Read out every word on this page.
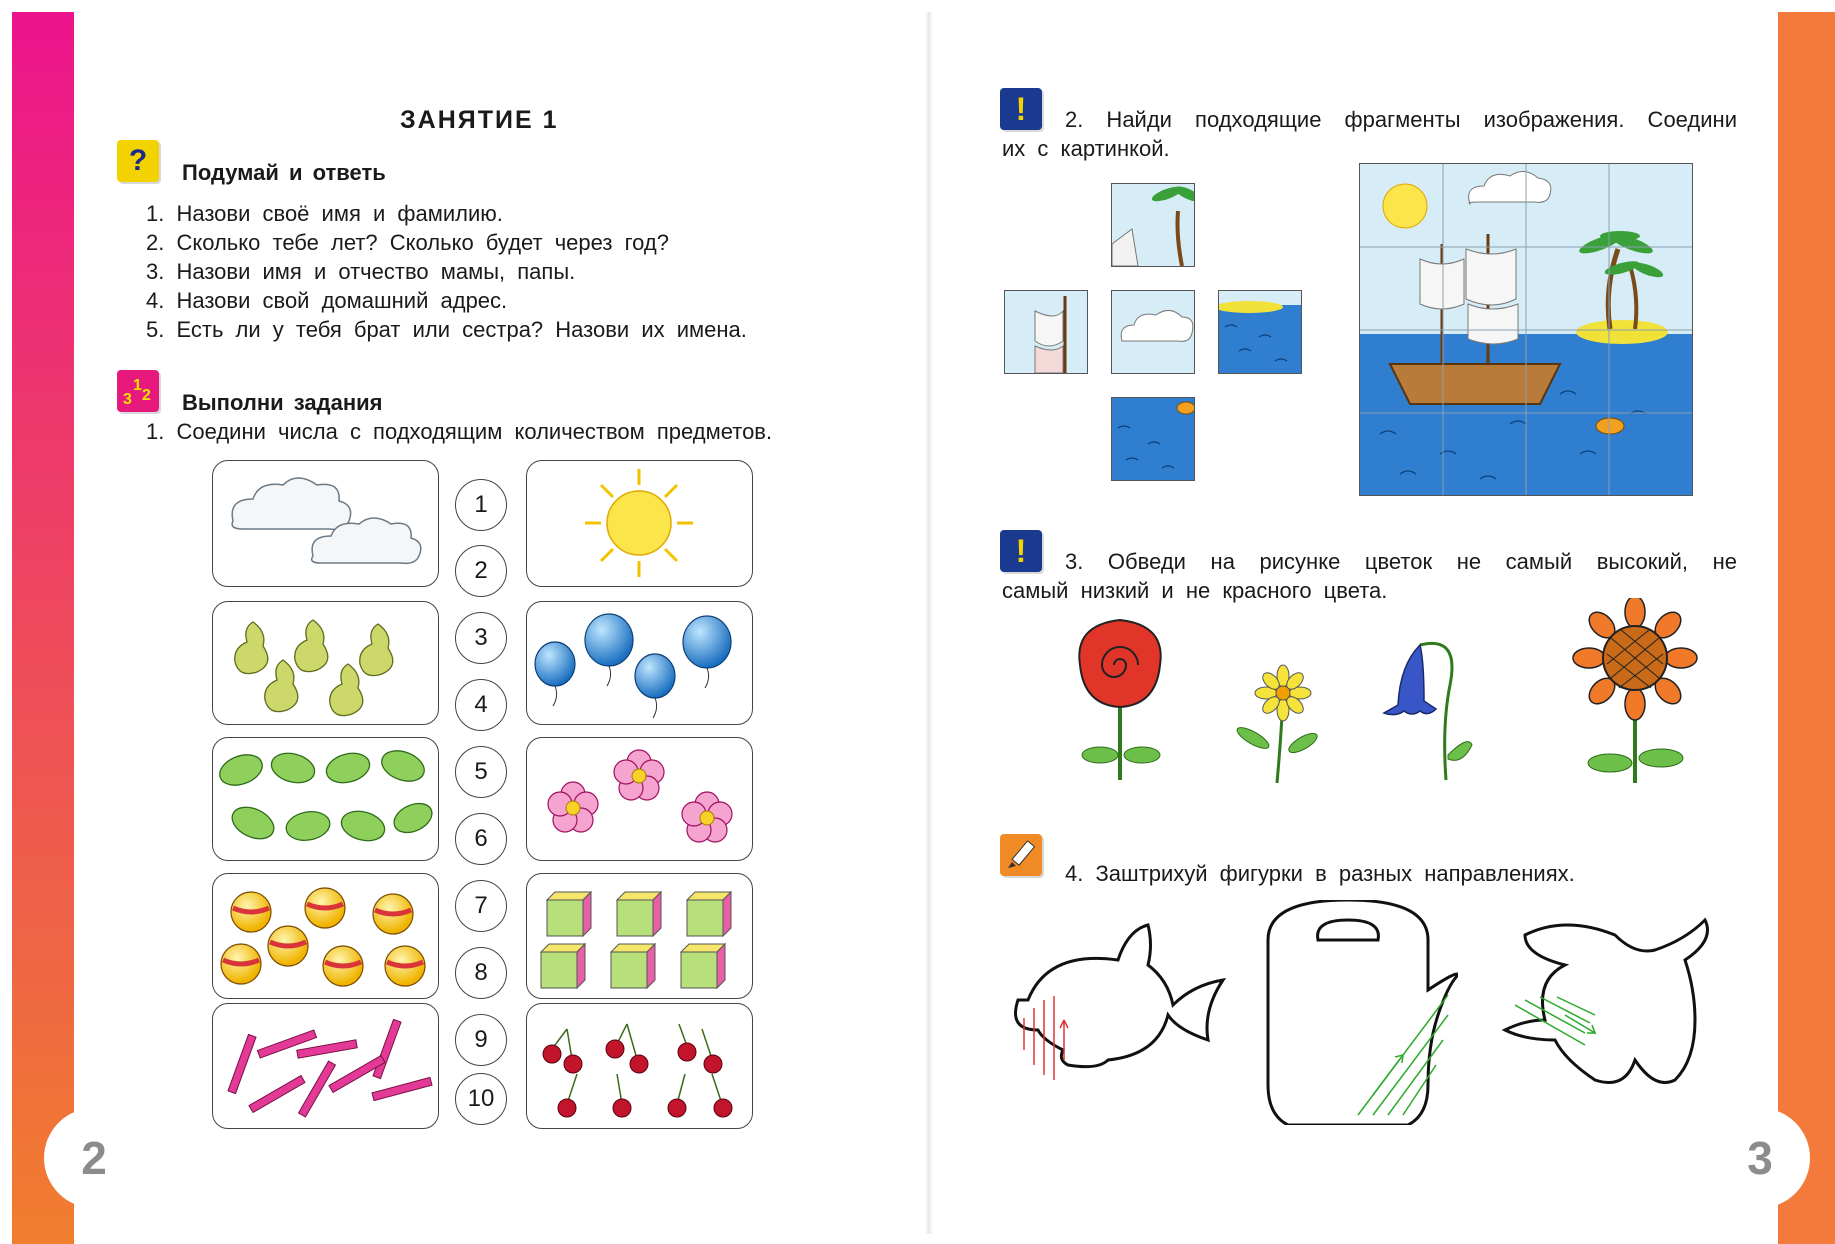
2	3
ЗАНЯТИЕ 1
?	Подумай и ответь
1. Назови своё имя и фамилию.
2. Сколько тебе лет? Сколько будет через год?
3. Назови имя и отчество мамы, папы.
4. Назови свой домашний адрес.
5. Есть ли у тебя брат или сестра? Назови их имена.
3
1
2 Выполни задания
1. Соедини числа с подходящим количеством предметов.
1
2
3
4
5
6
7
8
9
10
!	2. Найди подходящие фрагменты изображения. Соедини
их с картинкой.
!	3. Обведи на рисунке цветок не самый высокий, не
самый низкий и не красного цвета.
4. Заштрихуй фигурки в разных направлениях.
